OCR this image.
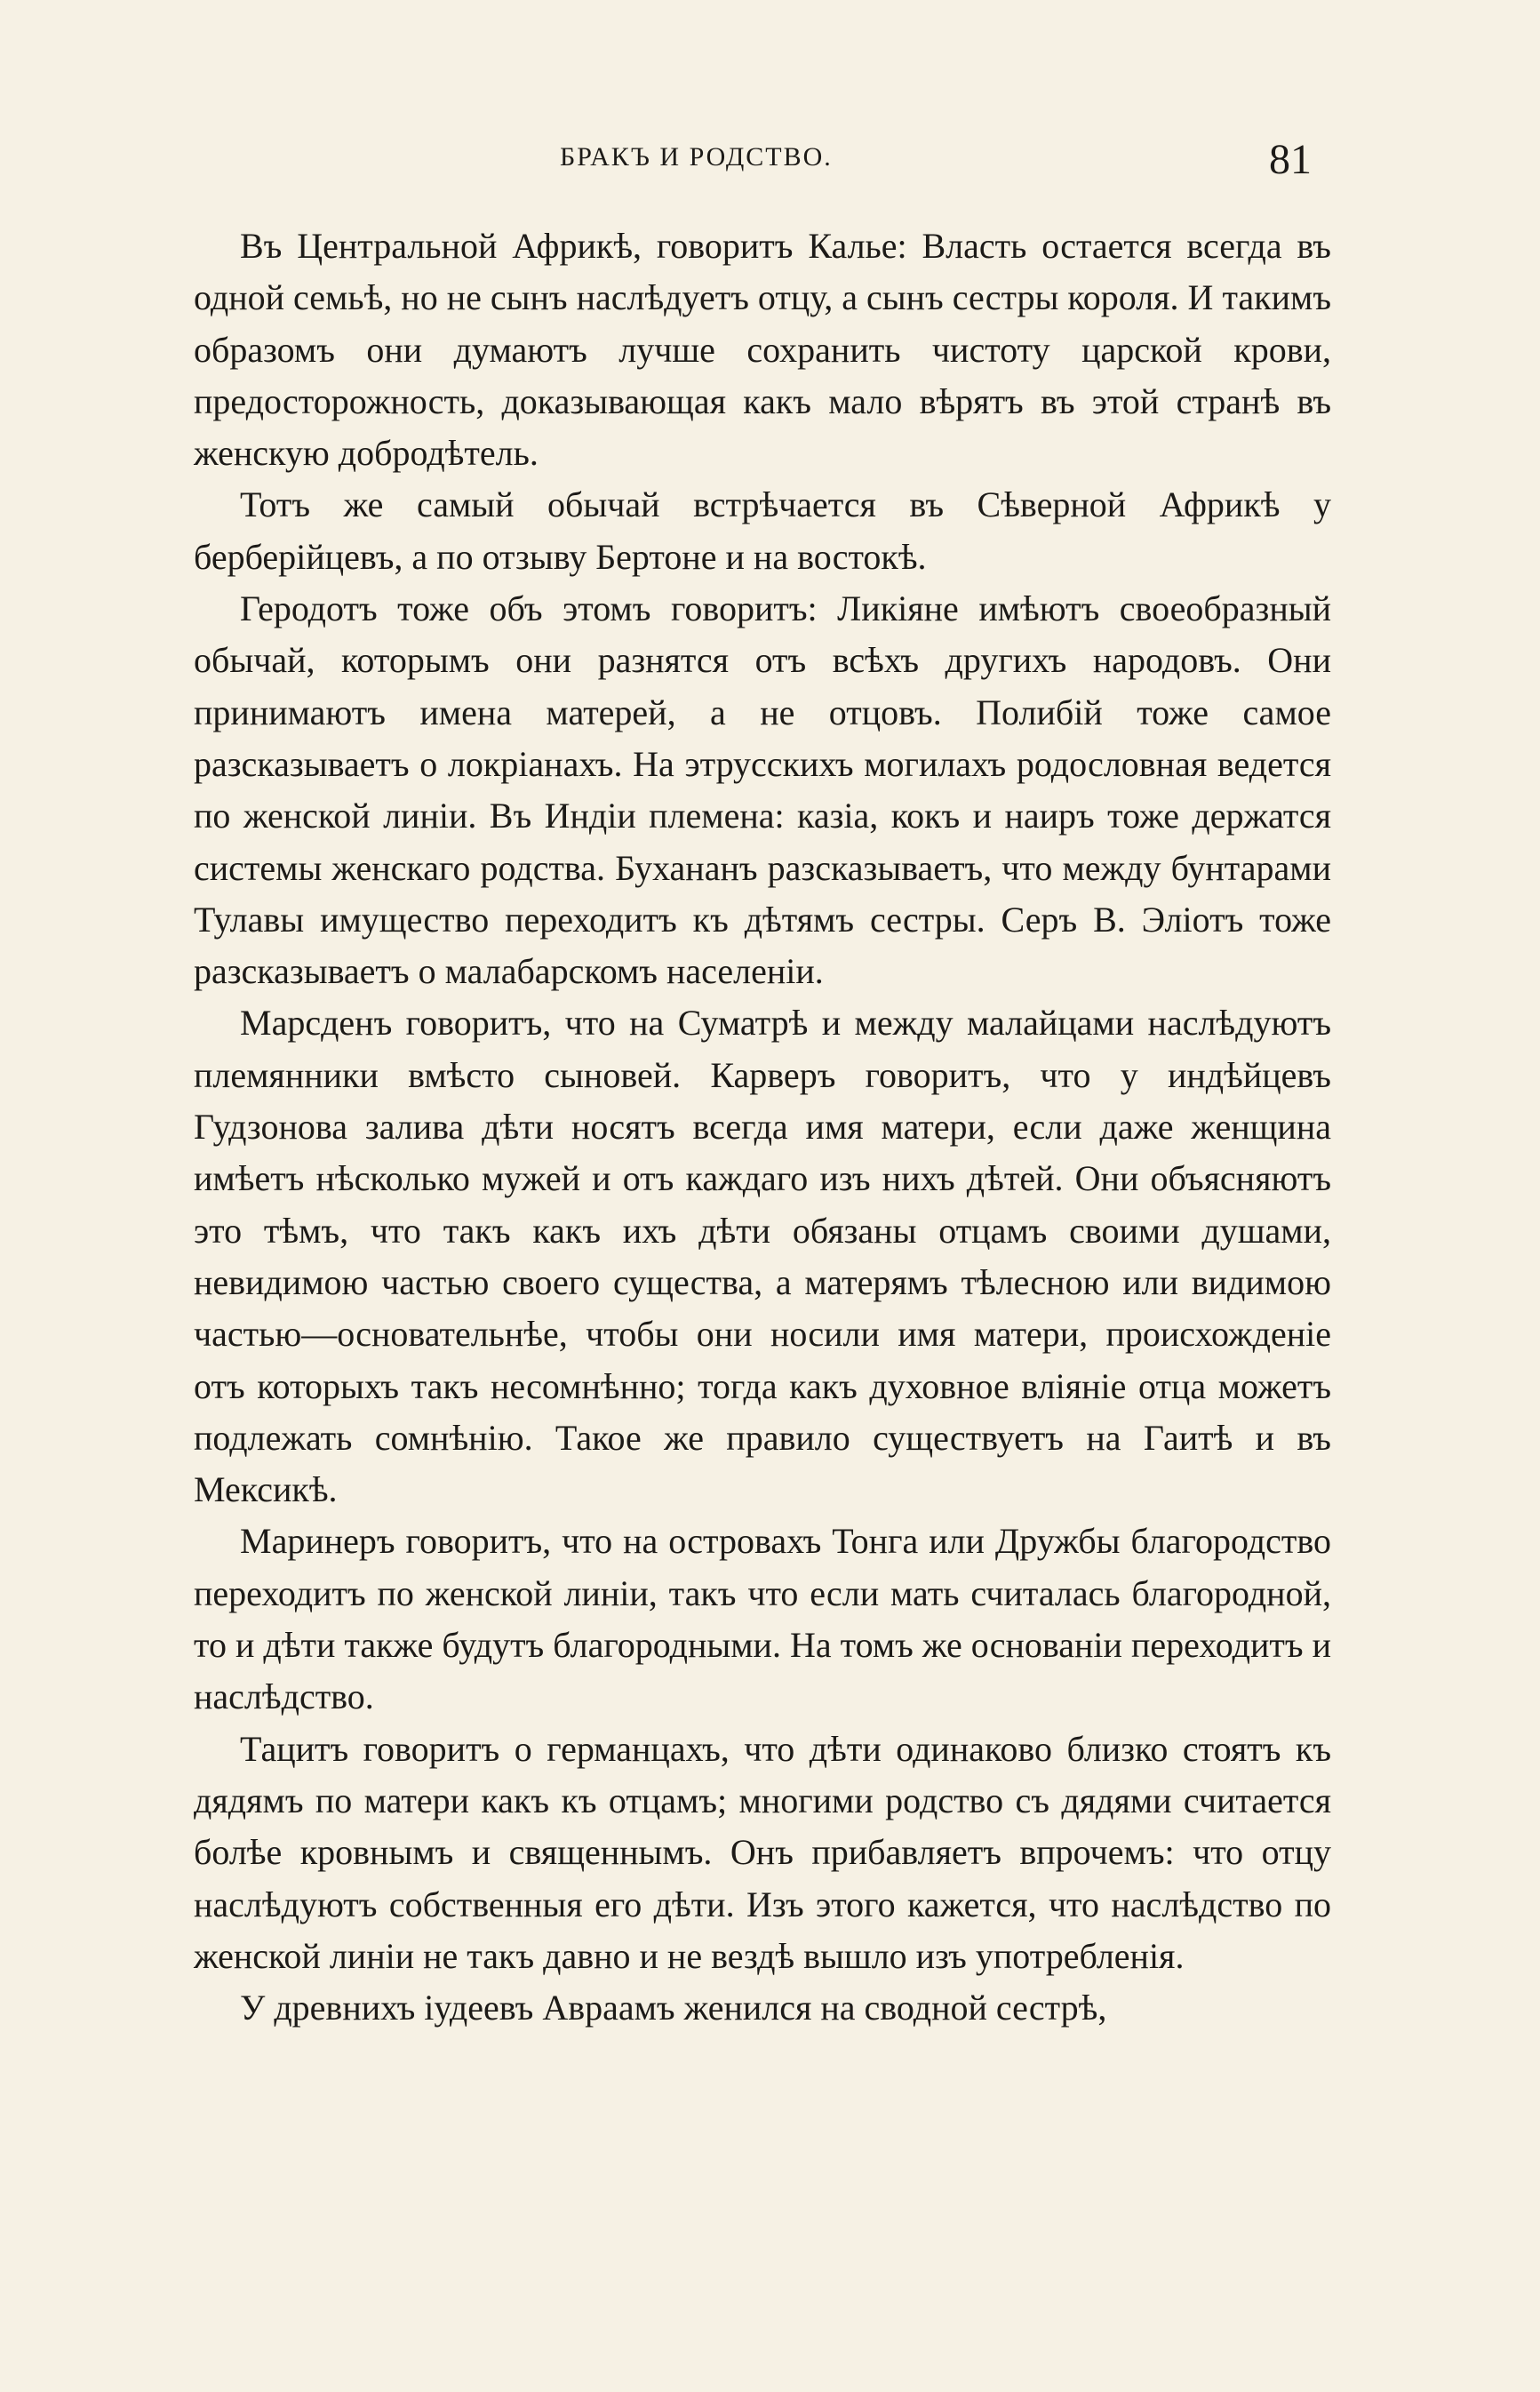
БРАКЪ И РОДСТВО.	81

Въ Центральной Африкѣ, говоритъ Калье: Власть остается всегда въ одной семьѣ, но не сынъ наслѣдуетъ отцу, а сынъ сестры короля. И такимъ образомъ они думаютъ лучше сохранить чистоту царской крови, предосторожность, доказывающая какъ мало вѣрятъ въ этой странѣ въ женскую добродѣтель.

Тотъ же самый обычай встрѣчается въ Сѣверной Африкѣ у берберійцевъ, а по отзыву Бертоне и на востокѣ.

Геродотъ тоже объ этомъ говоритъ: Ликіяне имѣютъ своеобразный обычай, которымъ они разнятся отъ всѣхъ другихъ народовъ. Они принимаютъ имена матерей, а не отцовъ. Полибій тоже самое разсказываетъ о локріанахъ. На этрусскихъ могилахъ родословная ведется по женской линіи. Въ Индіи племена: казіа, кокъ и наиръ тоже держатся системы женскаго родства. Бухананъ разсказываетъ, что между бунтарами Тулавы имущество переходитъ къ дѣтямъ сестры. Серъ В. Эліотъ тоже разсказываетъ о малабарскомъ населеніи.

Марсденъ говоритъ, что на Суматрѣ и между малайцами наслѣдуютъ племянники вмѣсто сыновей. Карверъ говоритъ, что у индѣйцевъ Гудзонова залива дѣти носятъ всегда имя матери, если даже женщина имѣетъ нѣсколько мужей и отъ каждаго изъ нихъ дѣтей. Они объясняютъ это тѣмъ, что такъ какъ ихъ дѣти обязаны отцамъ своими душами, невидимою частью своего существа, а матерямъ тѣлесною или видимою частью—основательнѣе, чтобы они носили имя матери, происхожденіе отъ которыхъ такъ несомнѣнно; тогда какъ духовное вліяніе отца можетъ подлежать сомнѣнію. Такое же правило существуетъ на Гаитѣ и въ Мексикѣ.

Маринеръ говоритъ, что на островахъ Тонга или Дружбы благородство переходитъ по женской линіи, такъ что если мать считалась благородной, то и дѣти также будутъ благородными. На томъ же основаніи переходитъ и наслѣдство.

Тацитъ говоритъ о германцахъ, что дѣти одинаково близко стоятъ къ дядямъ по матери какъ къ отцамъ; многими родство съ дядями считается болѣе кровнымъ и священнымъ. Онъ прибавляетъ впрочемъ: что отцу наслѣдуютъ собственныя его дѣти. Изъ этого кажется, что наслѣдство по женской линіи не такъ давно и не вездѣ вышло изъ употребленія.

У древнихъ іудеевъ Авраамъ женился на сводной сестрѣ,
